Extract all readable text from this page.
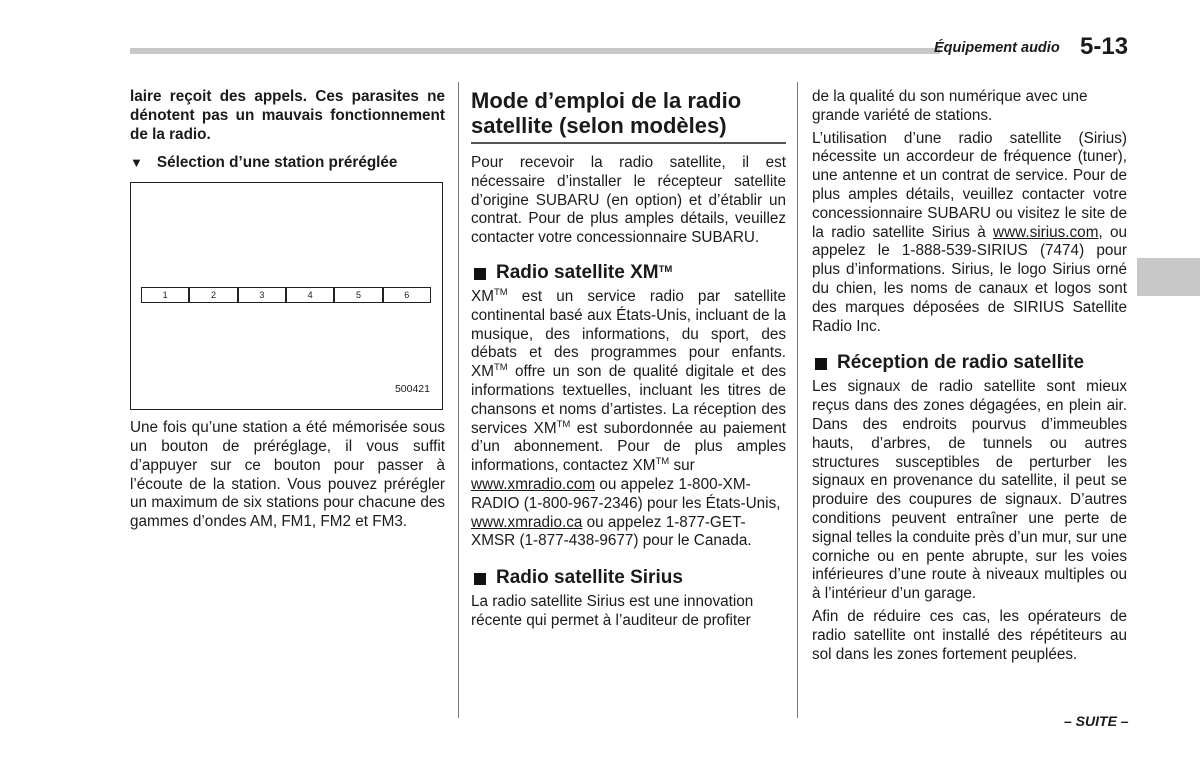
Équipement audio 5-13

laire reçoit des appels. Ces parasites ne dénotent pas un mauvais fonctionnement de la radio.

▼ Sélection d’une station préréglée
1	2	3	4	5	6
500421

Une fois qu’une station a été mémorisée sous un bouton de préréglage, il vous suffit d’appuyer sur ce bouton pour passer à l’écoute de la station. Vous pouvez prérégler un maximum de six stations pour chacune des gammes d’ondes AM, FM1, FM2 et FM3.

Mode d’emploi de la radio satellite (selon modèles)

Pour recevoir la radio satellite, il est nécessaire d’installer le récepteur satellite d’origine SUBARU (en option) et d’établir un contrat. Pour de plus amples détails, veuillez contacter votre concessionnaire SUBARU.

Radio satellite XM™

XM™ est un service radio par satellite continental basé aux États-Unis, incluant de la musique, des informations, du sport, des débats et des programmes pour enfants. XM™ offre un son de qualité digitale et des informations textuelles, incluant les titres de chansons et noms d’artistes. La réception des services XM™ est subordonnée au paiement d’un abonnement. Pour de plus amples informations, contactez XM™ sur

www.xmradio.com ou appelez 1-800-XM-RADIO (1-800-967-2346) pour les États-Unis,

www.xmradio.ca ou appelez 1-877-GET-XMSR (1-877-438-9677) pour le Canada.

Radio satellite Sirius

La radio satellite Sirius est une innovation récente qui permet à l’auditeur de profiter

de la qualité du son numérique avec une grande variété de stations.

L’utilisation d’une radio satellite (Sirius) nécessite un accordeur de fréquence (tuner), une antenne et un contrat de service. Pour de plus amples détails, veuillez contacter votre concessionnaire SUBARU ou visitez le site de la radio satellite Sirius à www.sirius.com, ou appelez le 1-888-539-SIRIUS (7474) pour plus d’informations. Sirius, le logo Sirius orné du chien, les noms de canaux et logos sont des marques déposées de SIRIUS Satellite Radio Inc.

Réception de radio satellite

Les signaux de radio satellite sont mieux reçus dans des zones dégagées, en plein air. Dans des endroits pourvus d’immeubles hauts, d’arbres, de tunnels ou autres structures susceptibles de perturber les signaux en provenance du satellite, il peut se produire des coupures de signaux. D’autres conditions peuvent entraîner une perte de signal telles la conduite près d’un mur, sur une corniche ou en pente abrupte, sur les voies inférieures d’une route à niveaux multiples ou à l’intérieur d’un garage.

Afin de réduire ces cas, les opérateurs de radio satellite ont installé des répétiteurs au sol dans les zones fortement peuplées.

– SUITE –
